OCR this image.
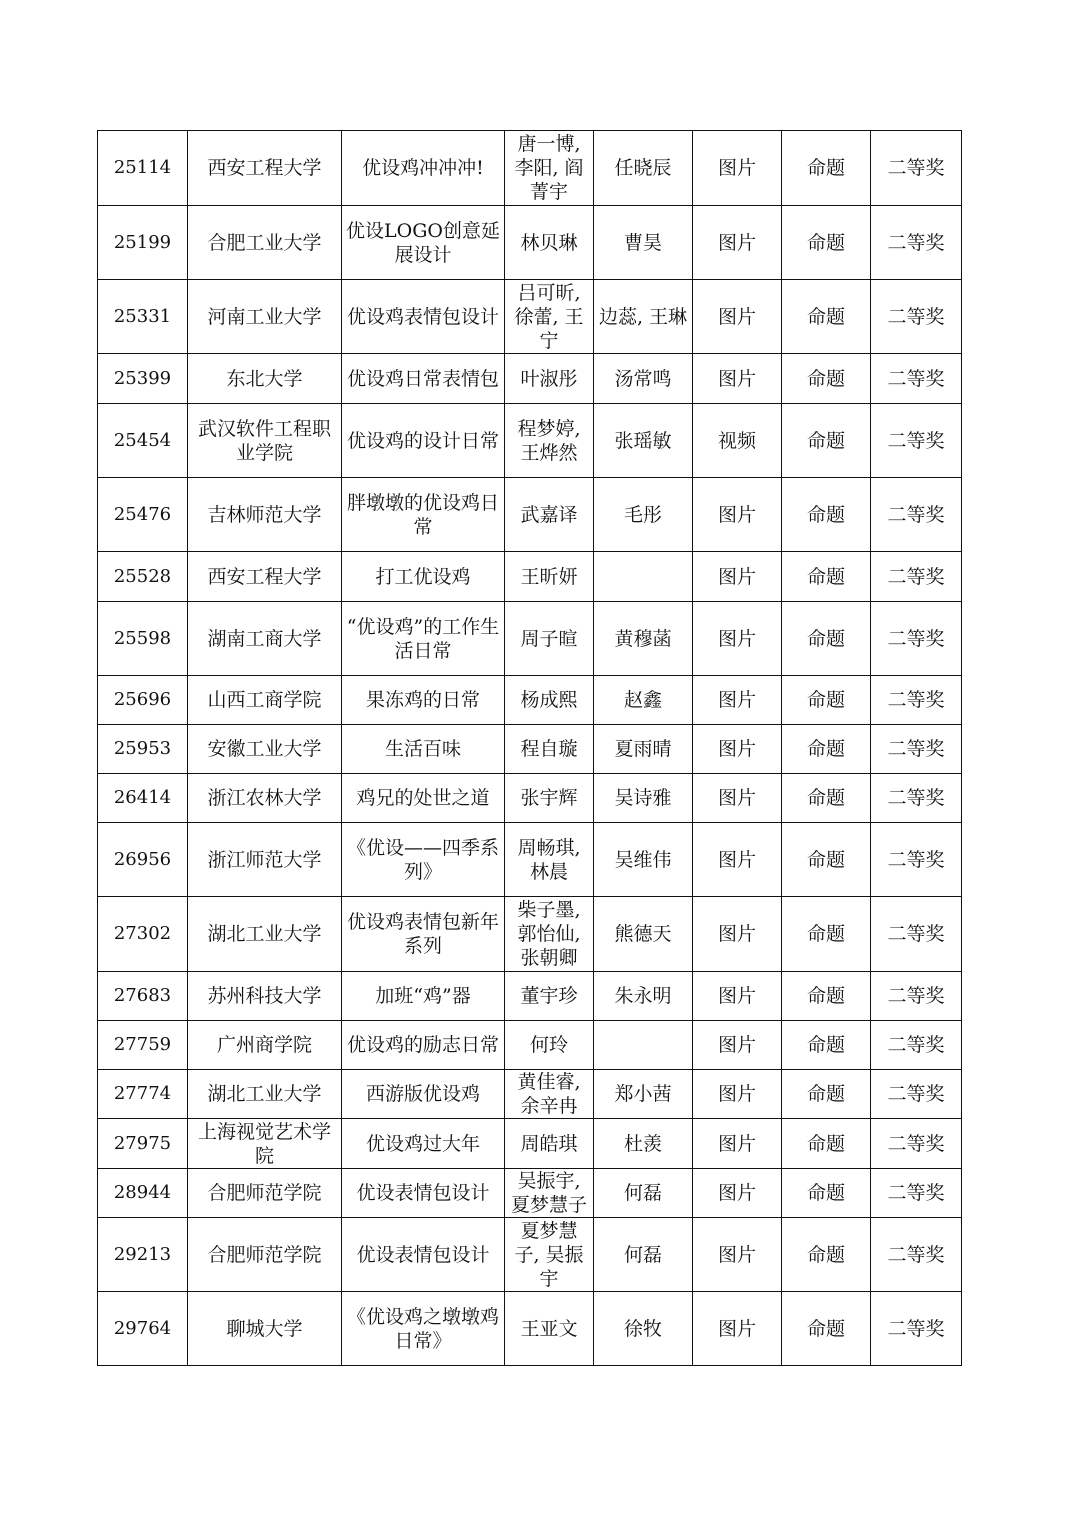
25114	西安工程大学	优设鸡冲冲冲!	唐一博, 李阳, 阎菁宇	任晓辰	图片	命题	二等奖
25199	合肥工业大学	优设LOGO创意延展设计	林贝琳	曹昊	图片	命题	二等奖
25331	河南工业大学	优设鸡表情包设计	吕可昕, 徐蕾, 王宁	边蕊, 王琳	图片	命题	二等奖
25399	东北大学	优设鸡日常表情包	叶淑彤	汤常鸣	图片	命题	二等奖
25454	武汉软件工程职业学院	优设鸡的设计日常	程梦婷, 王烨然	张瑶敏	视频	命题	二等奖
25476	吉林师范大学	胖墩墩的优设鸡日常	武嘉译	毛彤	图片	命题	二等奖
25528	西安工程大学	打工优设鸡	王昕妍		图片	命题	二等奖
25598	湖南工商大学	“优设鸡”的工作生活日常	周子暄	黄穆菡	图片	命题	二等奖
25696	山西工商学院	果冻鸡的日常	杨成熙	赵鑫	图片	命题	二等奖
25953	安徽工业大学	生活百味	程自璇	夏雨晴	图片	命题	二等奖
26414	浙江农林大学	鸡兄的处世之道	张宇辉	吴诗雅	图片	命题	二等奖
26956	浙江师范大学	《优设——四季系列》	周畅琪, 林晨	吴维伟	图片	命题	二等奖
27302	湖北工业大学	优设鸡表情包新年系列	柴子墨, 郭怡仙, 张朝卿	熊德天	图片	命题	二等奖
27683	苏州科技大学	加班“鸡”器	董宇珍	朱永明	图片	命题	二等奖
27759	广州商学院	优设鸡的励志日常	何玲		图片	命题	二等奖
27774	湖北工业大学	西游版优设鸡	黄佳睿, 余辛冉	郑小茜	图片	命题	二等奖
27975	上海视觉艺术学院	优设鸡过大年	周皓琪	杜羡	图片	命题	二等奖
28944	合肥师范学院	优设表情包设计	吴振宇, 夏梦慧子	何磊	图片	命题	二等奖
29213	合肥师范学院	优设表情包设计	夏梦慧子, 吴振宇	何磊	图片	命题	二等奖
29764	聊城大学	《优设鸡之墩墩鸡日常》	王亚文	徐牧	图片	命题	二等奖
